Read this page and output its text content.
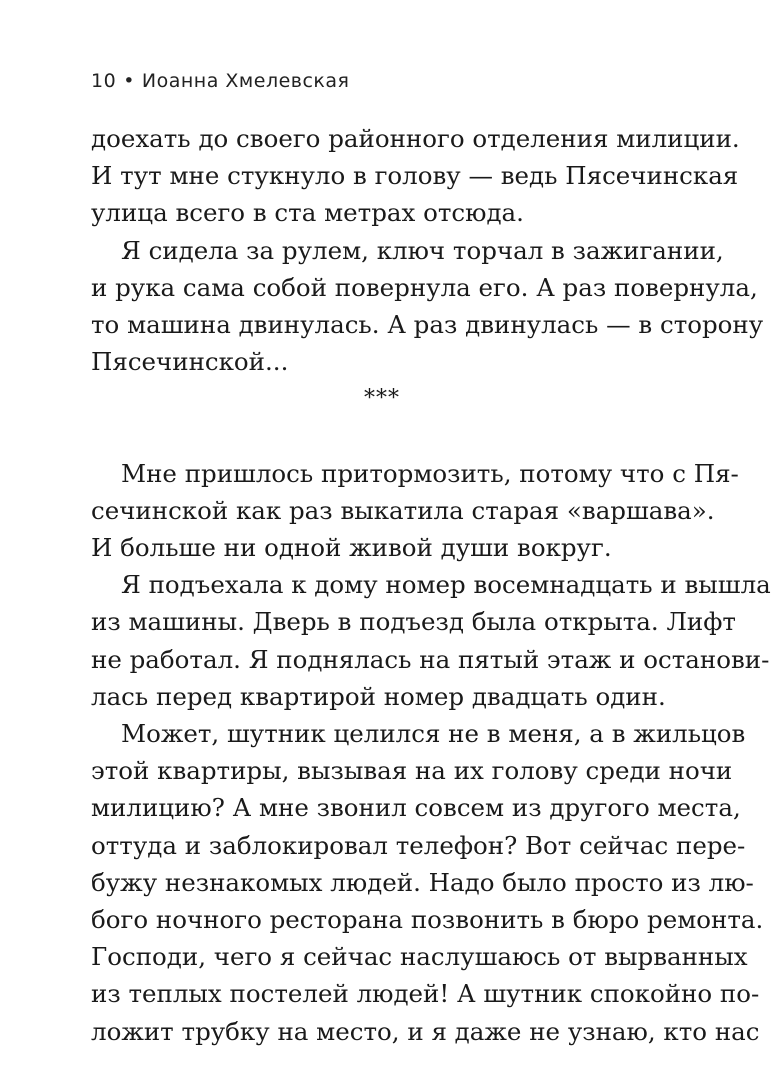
10 • Иоанна Хмелевская
доехать до своего районного отделения милиции.
И тут мне стукнуло в голову — ведь Пясечинская
улица всего в ста метрах отсюда.
Я сидела за рулем, ключ торчал в зажигании,
и рука сама собой повернула его. А раз повернула,
то машина двинулась. А раз двинулась — в сторону
Пясечинской...
***
Мне пришлось притормозить, потому что с Пя-
сечинской как раз выкатила старая «варшава».
И больше ни одной живой души вокруг.
Я подъехала к дому номер восемнадцать и вышла
из машины. Дверь в подъезд была открыта. Лифт
не работал. Я поднялась на пятый этаж и останови-
лась перед квартирой номер двадцать один.
Может, шутник целился не в меня, а в жильцов
этой квартиры, вызывая на их голову среди ночи
милицию? А мне звонил совсем из другого места,
оттуда и заблокировал телефон? Вот сейчас пере-
бужу незнакомых людей. Надо было просто из лю-
бого ночного ресторана позвонить в бюро ремонта.
Господи, чего я сейчас наслушаюсь от вырванных
из теплых постелей людей! А шутник спокойно по-
ложит трубку на место, и я даже не узнаю, кто нас
